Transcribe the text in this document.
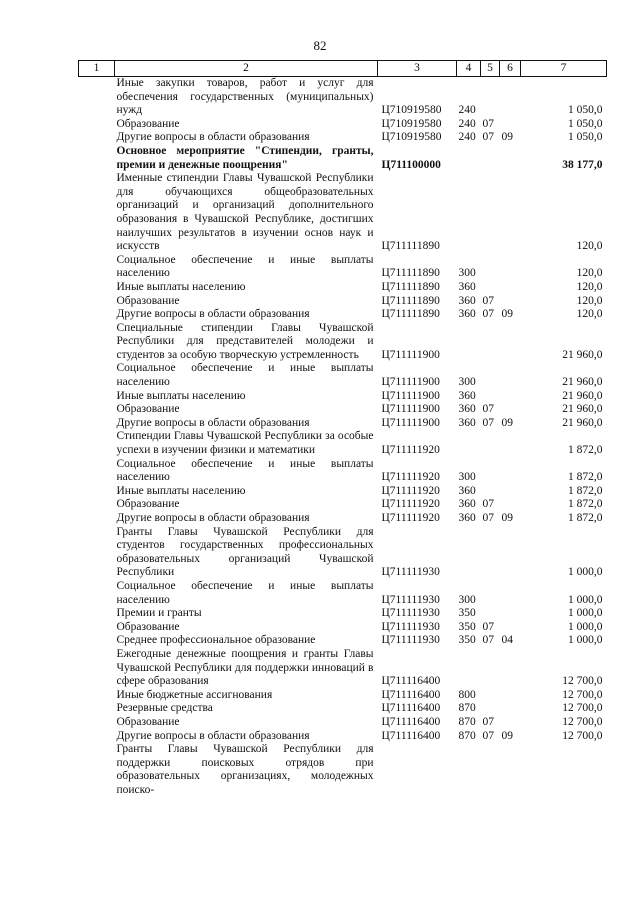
82
1	2	3	4	5	6	7
	Иные закупки товаров, работ и услуг для обеспечения государственных (муниципальных) нужд	Ц710919580	240			1 050,0
	Образование	Ц710919580	240	07		1 050,0
	Другие вопросы в области образования	Ц710919580	240	07	09	1 050,0
	Основное мероприятие "Стипендии, гранты, премии и денежные поощрения"	Ц711100000				38 177,0
	Именные стипендии Главы Чувашской Республики для обучающихся общеобразовательных организаций и организаций дополнительного образования в Чувашской Республике, достигших наилучших результатов в изучении основ наук и искусств	Ц711111890				120,0
	Социальное обеспечение и иные выплаты населению	Ц711111890	300			120,0
	Иные выплаты населению	Ц711111890	360			120,0
	Образование	Ц711111890	360	07		120,0
	Другие вопросы в области образования	Ц711111890	360	07	09	120,0
	Специальные стипендии Главы Чувашской Республики для представителей молодежи и студентов за особую творческую устремленность	Ц711111900				21 960,0
	Социальное обеспечение и иные выплаты населению	Ц711111900	300			21 960,0
	Иные выплаты населению	Ц711111900	360			21 960,0
	Образование	Ц711111900	360	07		21 960,0
	Другие вопросы в области образования	Ц711111900	360	07	09	21 960,0
	Стипендии Главы Чувашской Республики за особые успехи в изучении физики и математики	Ц711111920				1 872,0
	Социальное обеспечение и иные выплаты населению	Ц711111920	300			1 872,0
	Иные выплаты населению	Ц711111920	360			1 872,0
	Образование	Ц711111920	360	07		1 872,0
	Другие вопросы в области образования	Ц711111920	360	07	09	1 872,0
	Гранты Главы Чувашской Республики для студентов государственных профессиональных образовательных организаций Чувашской Республики	Ц711111930				1 000,0
	Социальное обеспечение и иные выплаты населению	Ц711111930	300			1 000,0
	Премии и гранты	Ц711111930	350			1 000,0
	Образование	Ц711111930	350	07		1 000,0
	Среднее профессиональное образование	Ц711111930	350	07	04	1 000,0
	Ежегодные денежные поощрения и гранты Главы Чувашской Республики для поддержки инноваций в сфере образования	Ц711116400				12 700,0
	Иные бюджетные ассигнования	Ц711116400	800			12 700,0
	Резервные средства	Ц711116400	870			12 700,0
	Образование	Ц711116400	870	07		12 700,0
	Другие вопросы в области образования	Ц711116400	870	07	09	12 700,0
	Гранты Главы Чувашской Республики для поддержки поисковых отрядов при образовательных организациях, молодежных поиско-					
